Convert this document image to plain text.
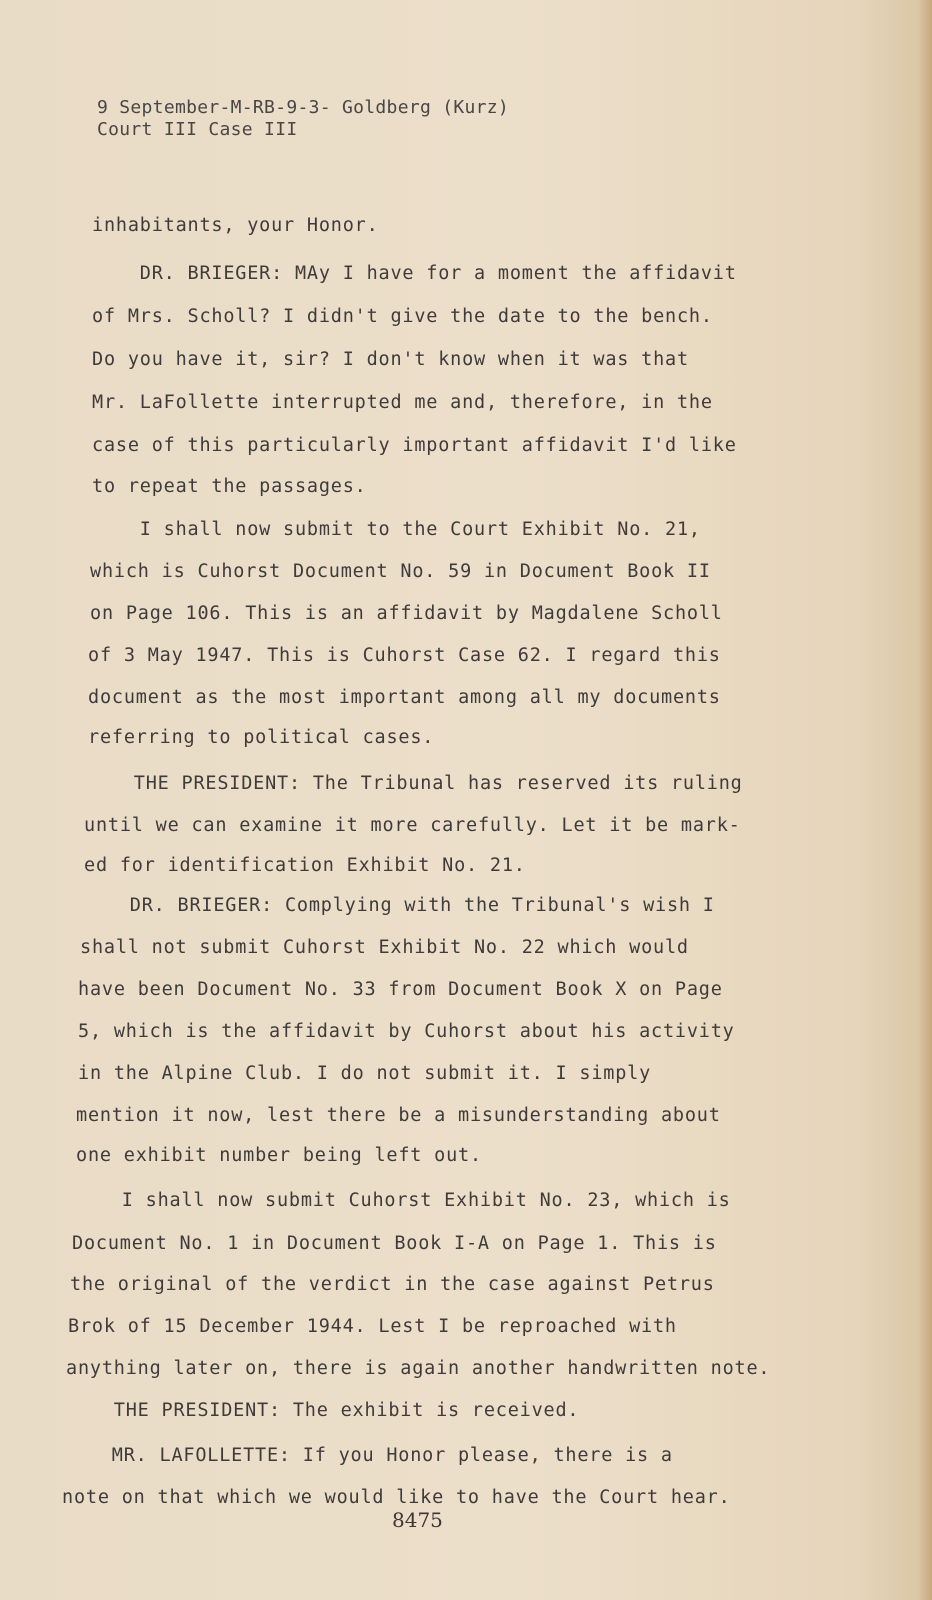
9 September-M-RB-9-3- Goldberg (Kurz)
Court III Case III
inhabitants, your Honor.
DR. BRIEGER: MAy I have for a moment the affidavit
of Mrs. Scholl? I didn't give the date to the bench.
Do you have it, sir? I don't know when it was that
Mr. LaFollette interrupted me and, therefore, in the
case of this particularly important affidavit I'd like
to repeat the passages.
I shall now submit to the Court Exhibit No. 21,
which is Cuhorst Document No. 59 in Document Book II
on Page 106. This is an affidavit by Magdalene Scholl
of 3 May 1947. This is Cuhorst Case 62. I regard this
document as the most important among all my documents
referring to political cases.
THE PRESIDENT: The Tribunal has reserved its ruling
until we can examine it more carefully. Let it be mark-
ed for identification Exhibit No. 21.
DR. BRIEGER: Complying with the Tribunal's wish I
shall not submit Cuhorst Exhibit No. 22 which would
have been Document No. 33 from Document Book X on Page
5, which is the affidavit by Cuhorst about his activity
in the Alpine Club. I do not submit it. I simply
mention it now, lest there be a misunderstanding about
one exhibit number being left out.
I shall now submit Cuhorst Exhibit No. 23, which is
Document No. 1 in Document Book I-A on Page 1. This is
the original of the verdict in the case against Petrus
Brok of 15 December 1944. Lest I be reproached with
anything later on, there is again another handwritten note.
THE PRESIDENT: The exhibit is received.
MR. LAFOLLETTE: If you Honor please, there is a
note on that which we would like to have the Court hear.
8475
